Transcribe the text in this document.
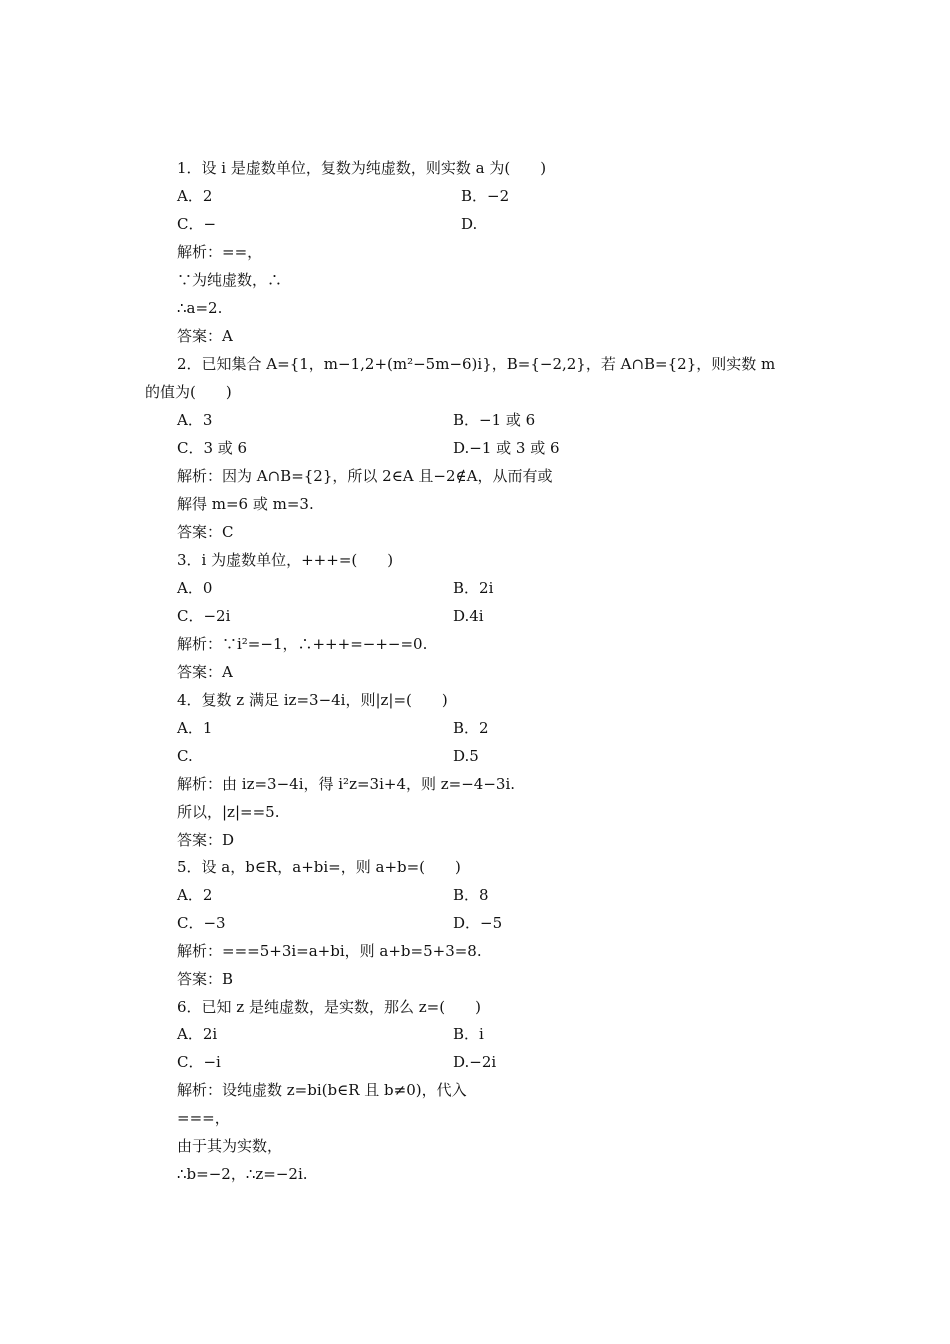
1．设 i 是虚数单位，复数为纯虚数，则实数 a 为(　　)
A．2	B．−2
C．−	D.
解析：==，
∵为纯虚数，∴
∴a=2.
答案：A
2．已知集合 A={1，m−1,2+(m²−5m−6)i}，B={−2,2}，若 A∩B={2}，则实数 m
的值为(　　)
A．3	B．−1 或 6
C．3 或 6	D.−1 或 3 或 6
解析：因为 A∩B={2}，所以 2∈A 且−2∉A，从而有或
解得 m=6 或 m=3.
答案：C
3．i 为虚数单位，+++=(　　)
A．0	B．2i
C．−2i	D.4i
解析：∵i²=−1，∴+++=−+−=0.
答案：A
4．复数 z 满足 iz=3−4i，则|z|=(　　)
A．1	B．2
C.	D.5
解析：由 iz=3−4i，得 i²z=3i+4，则 z=−4−3i.
所以，|z|==5.
答案：D
5．设 a，b∈R，a+bi=，则 a+b=(　　)
A．2	B．8
C．−3	D．−5
解析：===5+3i=a+bi，则 a+b=5+3=8.
答案：B
6．已知 z 是纯虚数，是实数，那么 z=(　　)
A．2i	B．i
C．−i	D.−2i
解析：设纯虚数 z=bi(b∈R 且 b≠0)，代入
===，
由于其为实数，
∴b=−2，∴z=−2i.
